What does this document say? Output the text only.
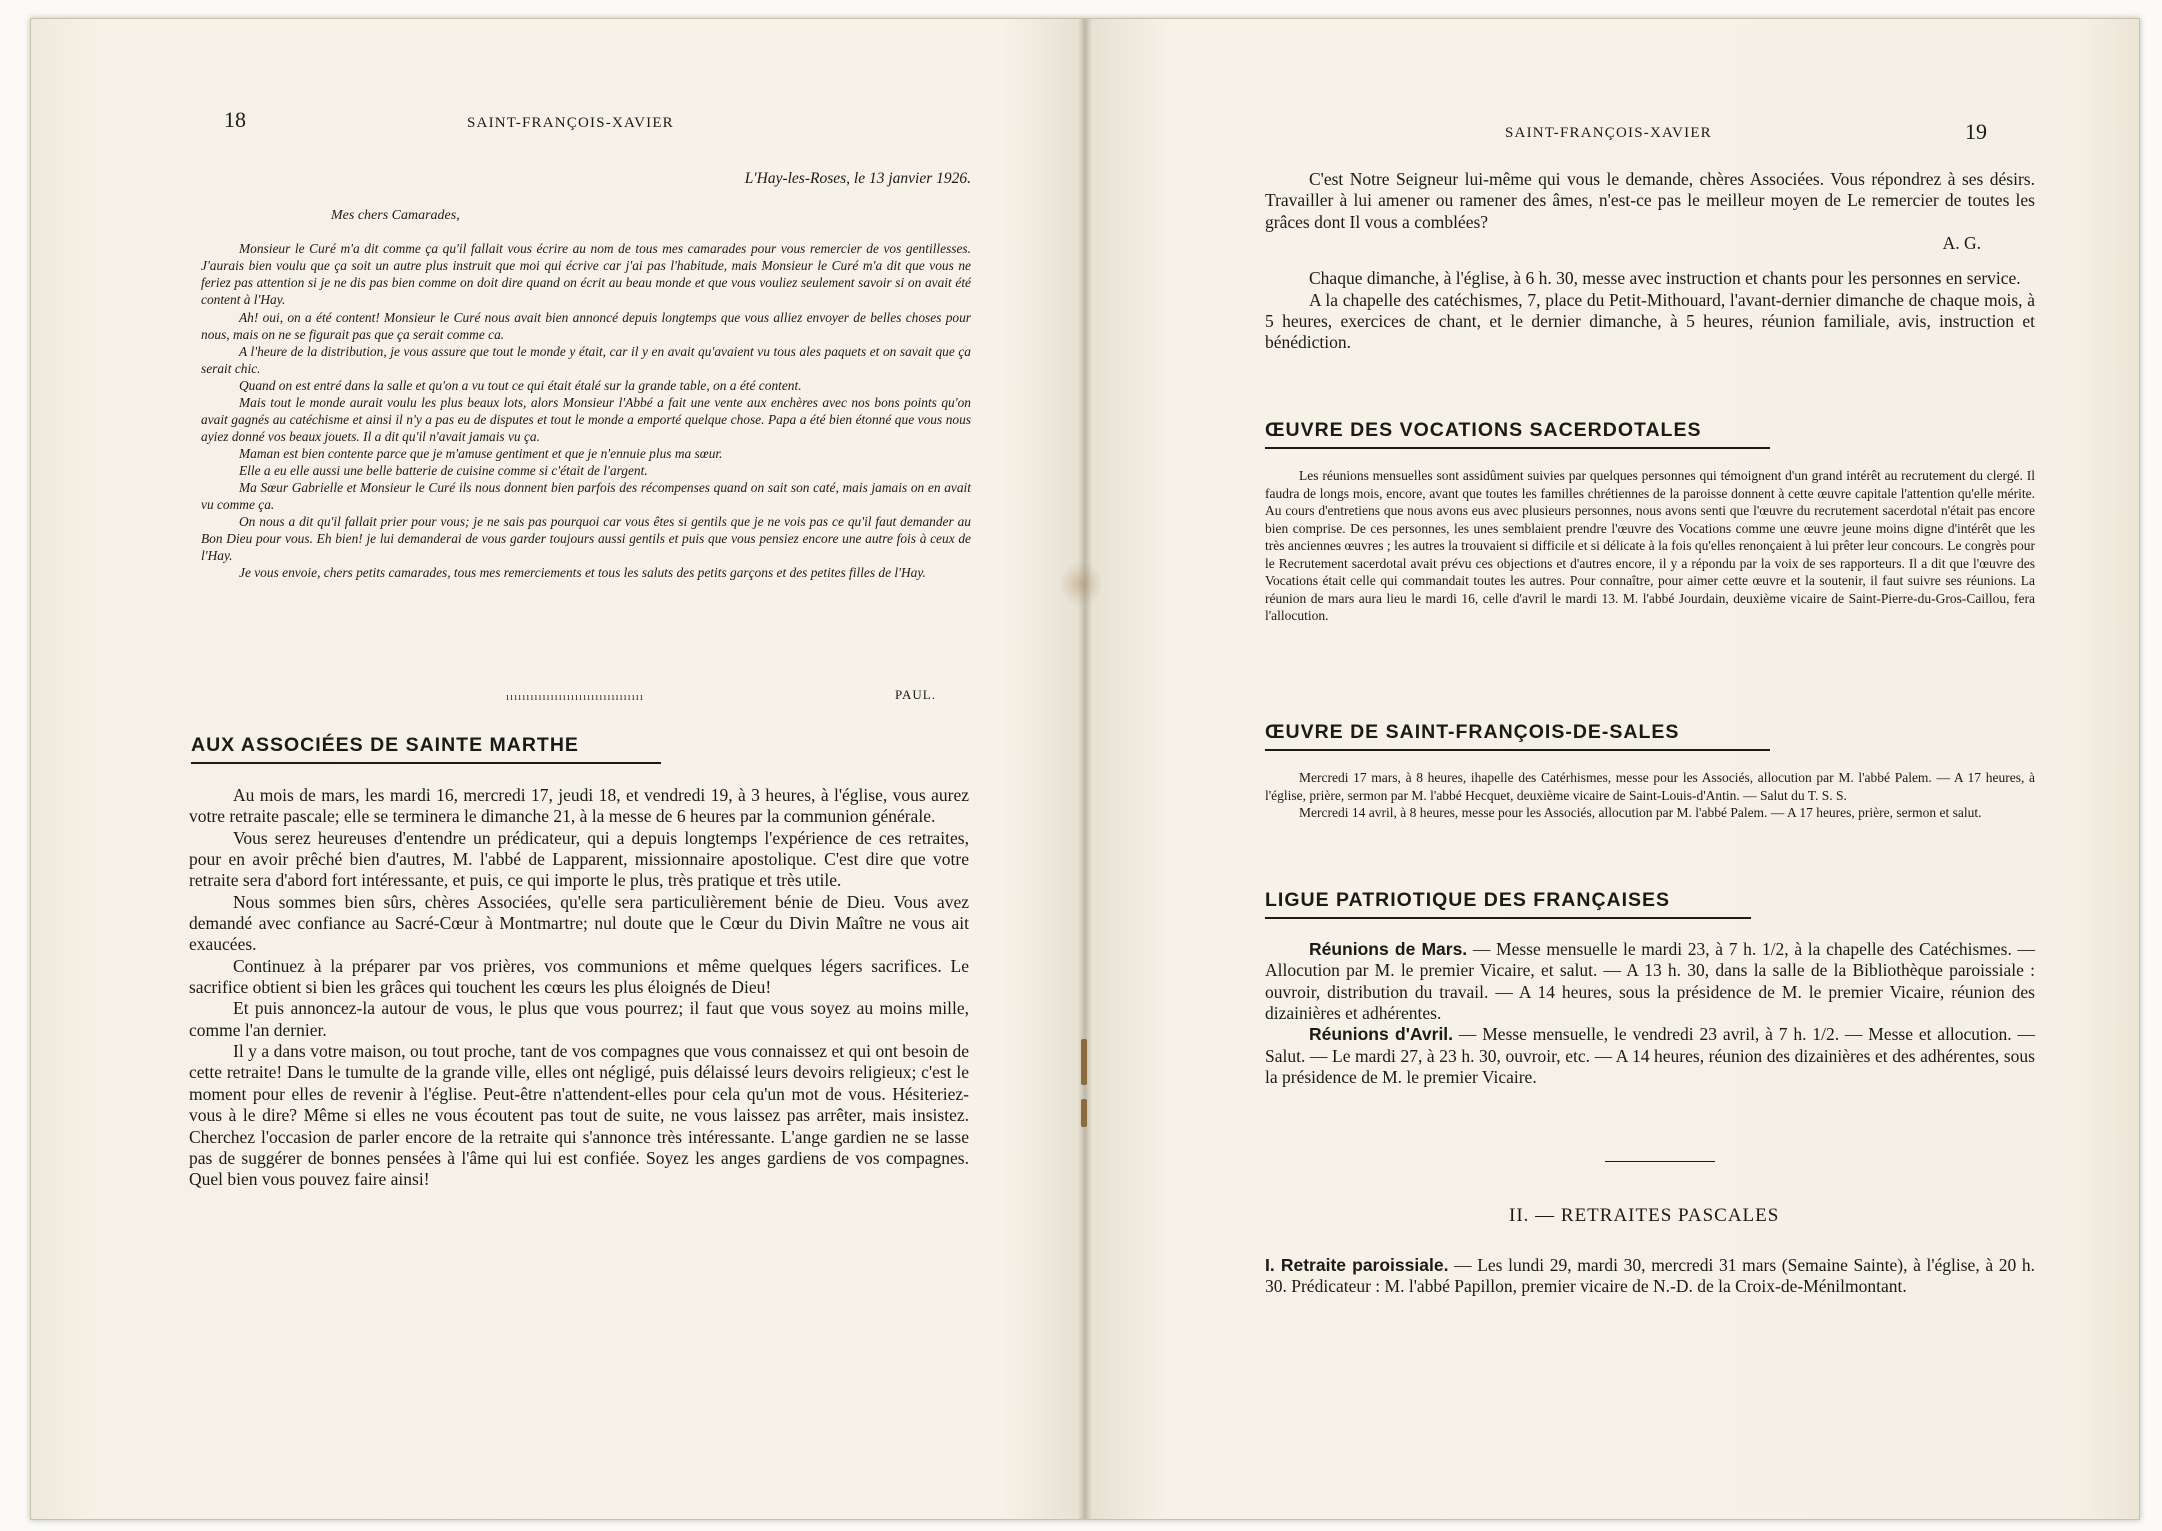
18	SAINT-FRANÇOIS-XAVIER

L'Hay-les-Roses, le 13 janvier 1926.

Mes chers Camarades,

Monsieur le Curé m'a dit comme ça qu'il fallait vous écrire au nom de tous mes camarades pour vous remercier de vos gentillesses. J'aurais bien voulu que ça soit un autre plus instruit que moi qui écrive car j'ai pas l'habitude, mais Monsieur le Curé m'a dit que vous ne feriez pas attention si je ne dis pas bien comme on doit dire quand on écrit au beau monde et que vous vouliez seulement savoir si on avait été content à l'Hay.

Ah! oui, on a été content! Monsieur le Curé nous avait bien annoncé depuis longtemps que vous alliez envoyer de belles choses pour nous, mais on ne se figurait pas que ça serait comme ca.

A l'heure de la distribution, je vous assure que tout le monde y était, car il y en avait qu'avaient vu tous ales paquets et on savait que ça serait chic.

Quand on est entré dans la salle et qu'on a vu tout ce qui était étalé sur la grande table, on a été content.

Mais tout le monde aurait voulu les plus beaux lots, alors Monsieur l'Abbé a fait une vente aux enchères avec nos bons points qu'on avait gagnés au catéchisme et ainsi il n'y a pas eu de disputes et tout le monde a emporté quelque chose. Papa a été bien étonné que vous nous ayiez donné vos beaux jouets. Il a dit qu'il n'avait jamais vu ça.

Maman est bien contente parce que je m'amuse gentiment et que je n'ennuie plus ma sœur.

Elle a eu elle aussi une belle batterie de cuisine comme si c'était de l'argent.

Ma Sœur Gabrielle et Monsieur le Curé ils nous donnent bien parfois des récompenses quand on sait son caté, mais jamais on en avait vu comme ça.

On nous a dit qu'il fallait prier pour vous; je ne sais pas pourquoi car vous êtes si gentils que je ne vois pas ce qu'il faut demander au Bon Dieu pour vous. Eh bien! je lui demanderai de vous garder toujours aussi gentils et puis que vous pensiez encore une autre fois à ceux de l'Hay.

Je vous envoie, chers petits camarades, tous mes remerciements et tous les saluts des petits garçons et des petites filles de l'Hay.

ıııııııııııııııııııııııııııııııııı	PAUL.

AUX ASSOCIÉES DE SAINTE MARTHE

Au mois de mars, les mardi 16, mercredi 17, jeudi 18, et vendredi 19, à 3 heures, à l'église, vous aurez votre retraite pascale; elle se terminera le dimanche 21, à la messe de 6 heures par la communion générale.

Vous serez heureuses d'entendre un prédicateur, qui a depuis longtemps l'expérience de ces retraites, pour en avoir prêché bien d'autres, M. l'abbé de Lapparent, missionnaire apostolique. C'est dire que votre retraite sera d'abord fort intéressante, et puis, ce qui importe le plus, très pratique et très utile.

Nous sommes bien sûrs, chères Associées, qu'elle sera particulièrement bénie de Dieu. Vous avez demandé avec confiance au Sacré-Cœur à Montmartre; nul doute que le Cœur du Divin Maître ne vous ait exaucées.

Continuez à la préparer par vos prières, vos communions et même quelques légers sacrifices. Le sacrifice obtient si bien les grâces qui touchent les cœurs les plus éloignés de Dieu!

Et puis annoncez-la autour de vous, le plus que vous pourrez; il faut que vous soyez au moins mille, comme l'an dernier.

Il y a dans votre maison, ou tout proche, tant de vos compagnes que vous connaissez et qui ont besoin de cette retraite! Dans le tumulte de la grande ville, elles ont négligé, puis délaissé leurs devoirs religieux; c'est le moment pour elles de revenir à l'église. Peut-être n'attendent-elles pour cela qu'un mot de vous. Hésiteriez-vous à le dire? Même si elles ne vous écoutent pas tout de suite, ne vous laissez pas arrêter, mais insistez. Cherchez l'occasion de parler encore de la retraite qui s'annonce très intéressante. L'ange gardien ne se lasse pas de suggérer de bonnes pensées à l'âme qui lui est confiée. Soyez les anges gardiens de vos compagnes. Quel bien vous pouvez faire ainsi!

SAINT-FRANÇOIS-XAVIER	19

C'est Notre Seigneur lui-même qui vous le demande, chères Associées. Vous répondrez à ses désirs. Travailler à lui amener ou ramener des âmes, n'est-ce pas le meilleur moyen de Le remercier de toutes les grâces dont Il vous a comblées?

A. G.

Chaque dimanche, à l'église, à 6 h. 30, messe avec instruction et chants pour les personnes en service.

A la chapelle des catéchismes, 7, place du Petit-Mithouard, l'avant-dernier dimanche de chaque mois, à 5 heures, exercices de chant, et le dernier dimanche, à 5 heures, réunion familiale, avis, instruction et bénédiction.

ŒUVRE DES VOCATIONS SACERDOTALES

Les réunions mensuelles sont assidûment suivies par quelques personnes qui témoignent d'un grand intérêt au recrutement du clergé. Il faudra de longs mois, encore, avant que toutes les familles chrétiennes de la paroisse donnent à cette œuvre capitale l'attention qu'elle mérite. Au cours d'entretiens que nous avons eus avec plusieurs personnes, nous avons senti que l'œuvre du recrutement sacerdotal n'était pas encore bien comprise. De ces personnes, les unes semblaient prendre l'œuvre des Vocations comme une œuvre jeune moins digne d'intérêt que les très anciennes œuvres ; les autres la trouvaient si difficile et si délicate à la fois qu'elles renonçaient à lui prêter leur concours. Le congrès pour le Recrutement sacerdotal avait prévu ces objections et d'autres encore, il y a répondu par la voix de ses rapporteurs. Il a dit que l'œuvre des Vocations était celle qui commandait toutes les autres. Pour connaître, pour aimer cette œuvre et la soutenir, il faut suivre ses réunions. La réunion de mars aura lieu le mardi 16, celle d'avril le mardi 13. M. l'abbé Jourdain, deuxième vicaire de Saint-Pierre-du-Gros-Caillou, fera l'allocution.

ŒUVRE DE SAINT-FRANÇOIS-DE-SALES

Mercredi 17 mars, à 8 heures, ihapelle des Catérhismes, messe pour les Associés, allocution par M. l'abbé Palem. — A 17 heures, à l'église, prière, sermon par M. l'abbé Hecquet, deuxième vicaire de Saint-Louis-d'Antin. — Salut du T. S. S.

Mercredi 14 avril, à 8 heures, messe pour les Associés, allocution par M. l'abbé Palem. — A 17 heures, prière, sermon et salut.

LIGUE PATRIOTIQUE DES FRANÇAISES

Réunions de Mars. — Messe mensuelle le mardi 23, à 7 h. 1/2, à la chapelle des Catéchismes. — Allocution par M. le premier Vicaire, et salut. — A 13 h. 30, dans la salle de la Bibliothèque paroissiale : ouvroir, distribution du travail. — A 14 heures, sous la présidence de M. le premier Vicaire, réunion des dizainières et adhérentes.

Réunions d'Avril. — Messe mensuelle, le vendredi 23 avril, à 7 h. 1/2. — Messe et allocution. — Salut. — Le mardi 27, à 23 h. 30, ouvroir, etc. — A 14 heures, réunion des dizainières et des adhérentes, sous la présidence de M. le premier Vicaire.

II. — RETRAITES PASCALES

I. Retraite paroissiale. — Les lundi 29, mardi 30, mercredi 31 mars (Semaine Sainte), à l'église, à 20 h. 30. Prédicateur : M. l'abbé Papillon, premier vicaire de N.-D. de la Croix-de-Ménilmontant.
